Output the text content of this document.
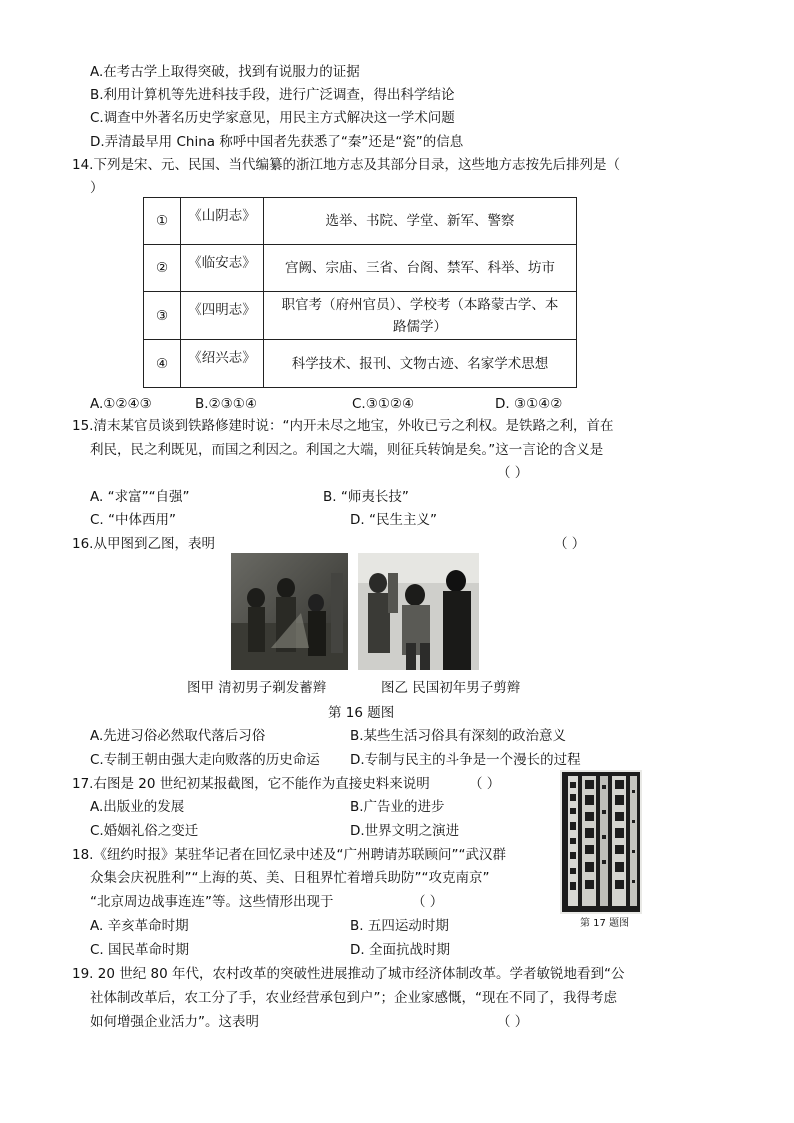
A.在考古学上取得突破，找到有说服力的证据
B.利用计算机等先进科技手段，进行广泛调查，得出科学结论
C.调查中外著名历史学家意见，用民主方式解决这一学术问题
D.弄清最早用 China 称呼中国者先获悉了“秦”还是“瓷”的信息
14.下列是宋、元、民国、当代编纂的浙江地方志及其部分目录，这些地方志按先后排列是（
）
①	《山阴志》	选举、书院、学堂、新军、警察
②	《临安志》	宫阙、宗庙、三省、台阁、禁军、科举、坊市
③	《四明志》	职官考（府州官员）、学校考（本路蒙古学、本
路儒学）

④	《绍兴志》	科学技术、报刊、文物古迹、名家学术思想
A.①②④③	B.②③①④	C.③①②④	D. ③①④②
15.清末某官员谈到铁路修建时说：“内开未尽之地宝，外收已亏之利权。是铁路之利，首在
利民，民之利既见，而国之利因之。利国之大端，则征兵转饷是矣。”这一言论的含义是
（ ）
A. “求富”“自强”	B. “师夷长技”
C. “中体西用”	D. “民生主义”
16.从甲图到乙图，表明	（ ）
图甲 清初男子剃发蓄辫	图乙 民国初年男子剪辫
第 16 题图
A.先进习俗必然取代落后习俗	B.某些生活习俗具有深刻的政治意义
C.专制王朝由强大走向败落的历史命运 D.专制与民主的斗争是一个漫长的过程
17.右图是 20 世纪初某报截图，它不能作为直接史料来说明	（ ）
A.出版业的发展	B.广告业的进步
C.婚姻礼俗之变迁	D.世界文明之演进
第 17 题图
18.《纽约时报》某驻华记者在回忆录中述及“广州聘请苏联顾问”“武汉群
众集会庆祝胜利”“上海的英、美、日租界忙着增兵助防”“攻克南京”
“北京周边战事连连”等。这些情形出现于	（ ）
A. 辛亥革命时期	B. 五四运动时期
C. 国民革命时期	D. 全面抗战时期
19. 20 世纪 80 年代，农村改革的突破性进展推动了城市经济体制改革。学者敏锐地看到“公
社体制改革后，农工分了手，农业经营承包到户”；企业家感慨，“现在不同了，我得考虑
如何增强企业活力”。这表明	（ ）
